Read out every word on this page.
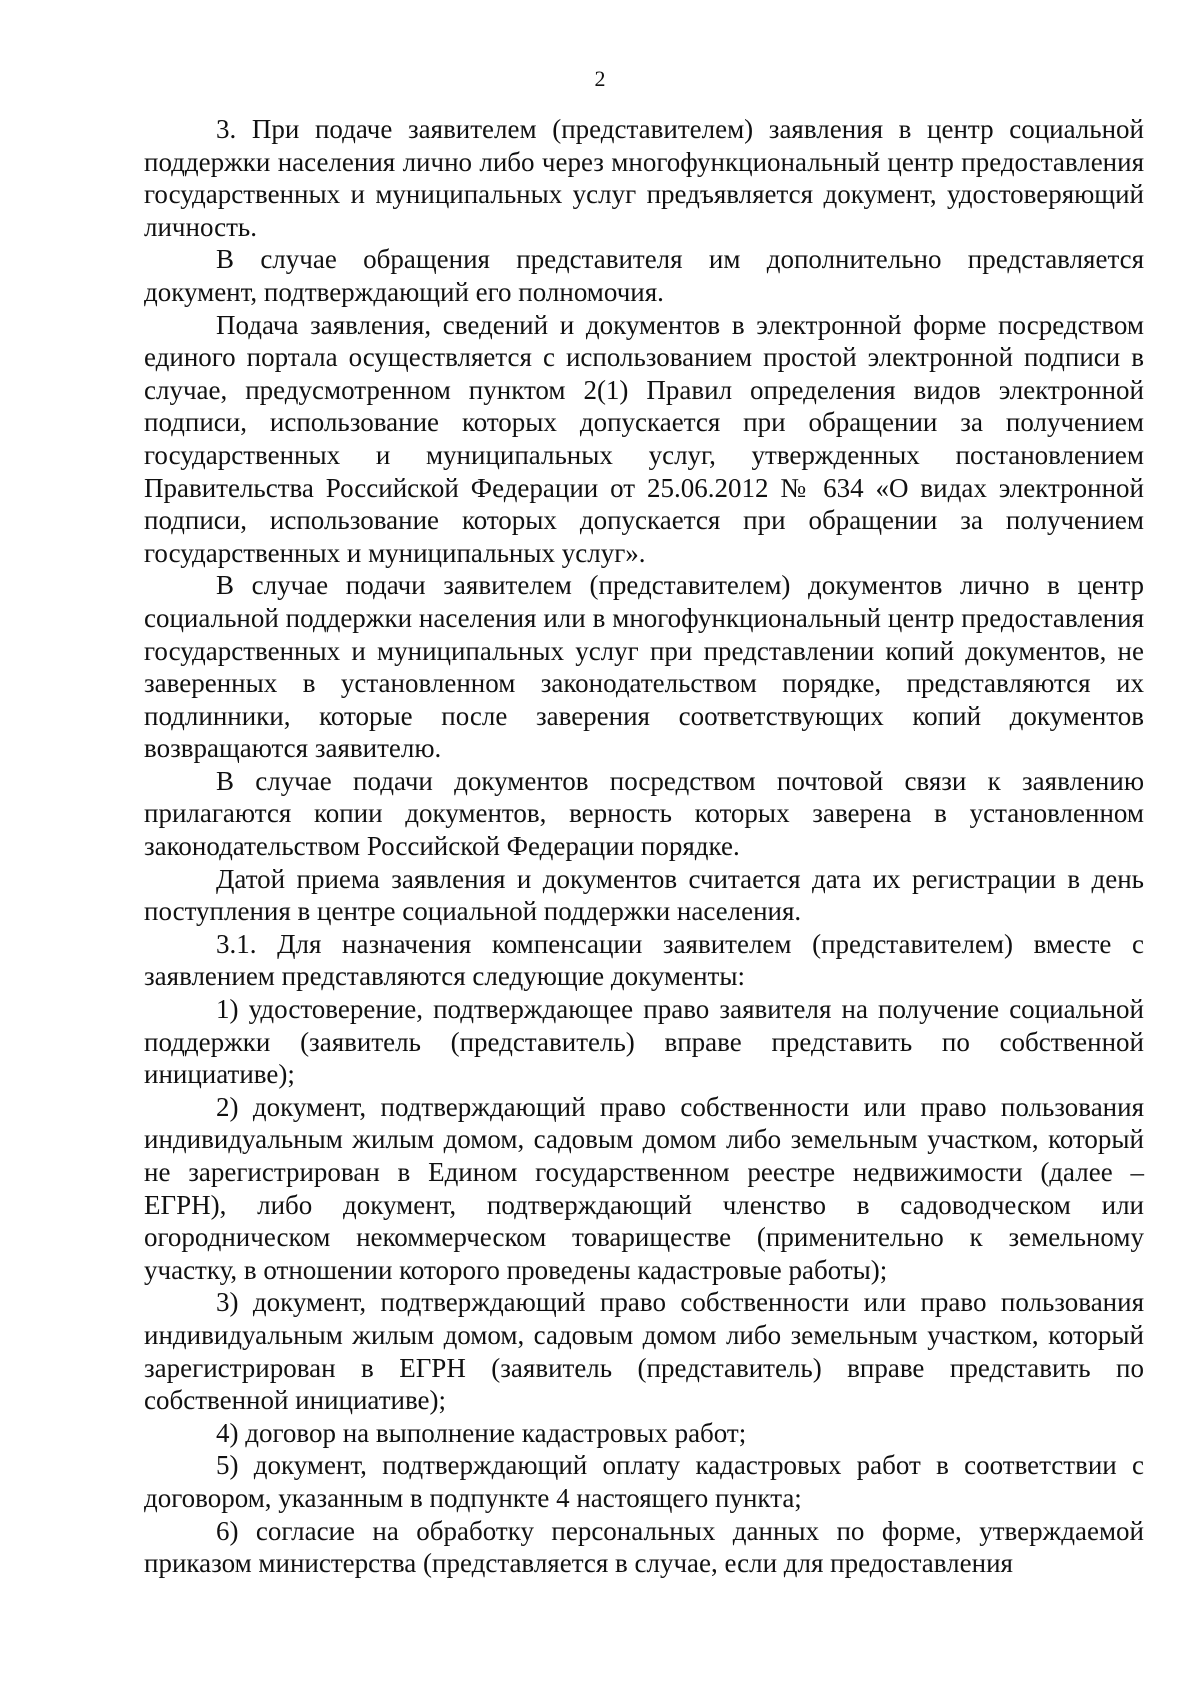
2

3. При подаче заявителем (представителем) заявления в центр социальной поддержки населения лично либо через многофункциональный центр предоставления государственных и муниципальных услуг предъявляется документ, удостоверяющий личность.

В случае обращения представителя им дополнительно представляется документ, подтверждающий его полномочия.

Подача заявления, сведений и документов в электронной форме посредством единого портала осуществляется с использованием простой электронной подписи в случае, предусмотренном пунктом 2(1) Правил определения видов электронной подписи, использование которых допускается при обращении за получением государственных и муниципальных услуг, утвержденных постановлением Правительства Российской Федерации от 25.06.2012 № 634 «О видах электронной подписи, использование которых допускается при обращении за получением государственных и муниципальных услуг».

В случае подачи заявителем (представителем) документов лично в центр социальной поддержки населения или в многофункциональный центр предоставления государственных и муниципальных услуг при представлении копий документов, не заверенных в установленном законодательством порядке, представляются их подлинники, которые после заверения соответствующих копий документов возвращаются заявителю.

В случае подачи документов посредством почтовой связи к заявлению прилагаются копии документов, верность которых заверена в установленном законодательством Российской Федерации порядке.

Датой приема заявления и документов считается дата их регистрации в день поступления в центре социальной поддержки населения.

3.1. Для назначения компенсации заявителем (представителем) вместе с заявлением представляются следующие документы:

1) удостоверение, подтверждающее право заявителя на получение социальной поддержки (заявитель (представитель) вправе представить по собственной инициативе);

2) документ, подтверждающий право собственности или право пользования индивидуальным жилым домом, садовым домом либо земельным участком, который не зарегистрирован в Едином государственном реестре недвижимости (далее – ЕГРН), либо документ, подтверждающий членство в садоводческом или огородническом некоммерческом товариществе (применительно к земельному участку, в отношении которого проведены кадастровые работы);

3) документ, подтверждающий право собственности или право пользования индивидуальным жилым домом, садовым домом либо земельным участком, который зарегистрирован в ЕГРН (заявитель (представитель) вправе представить по собственной инициативе);

4) договор на выполнение кадастровых работ;

5) документ, подтверждающий оплату кадастровых работ в соответствии с договором, указанным в подпункте 4 настоящего пункта;

6) согласие на обработку персональных данных по форме, утверждаемой приказом министерства (представляется в случае, если для предоставления
